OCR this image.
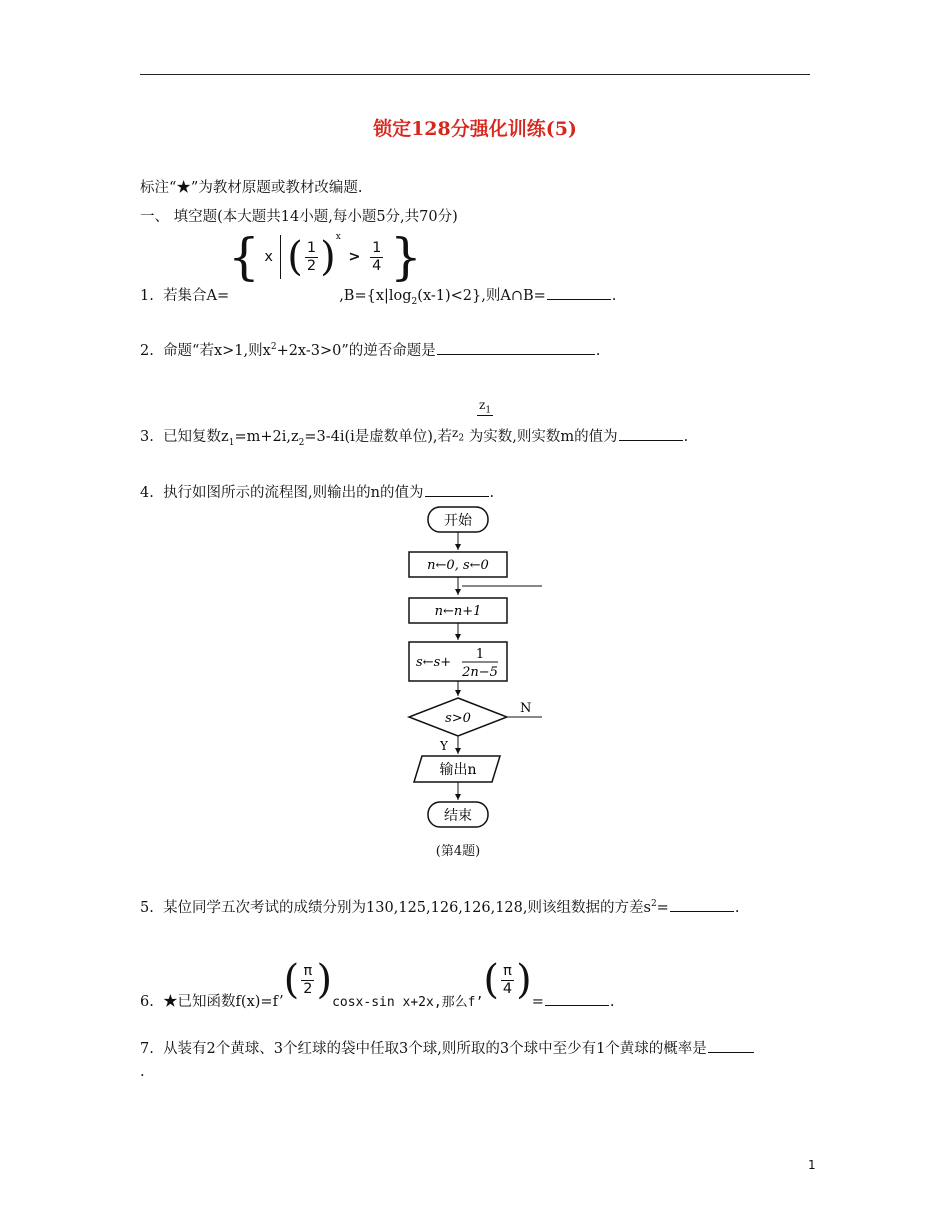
锁定128分强化训练(5)
标注“★”为教材原题或教材改编题.
一、 填空题(本大题共14小题,每小题5分,共70分)
{ x ( $\frac{1}{2} )^x > \frac{1}{4}$ }
1. 若集合A=	$,B=\{x|\log_2(x-1)<2\}$,则A∩B=	.
2. 命题“若x>1,则$x^2+2x-3>0$”的逆否命题是	.
$z_1$
3. 已知复数$z_1=m+2i,z_2=3-4i(i$是虚数单位),若$^{z_2}$ 为实数,则实数m的值为	.
4. 执行如图所示的流程图,则输出的n的值为	.
开始
n←0, s←0
n←n+1
s←s+
1
2n−5
s>0
N
Y
输出n
结束
(第4题)
5. 某位同学五次考试的成绩分别为130,125,126,126,128,则该组数据的方差$s^2=$	.
6. ★已知函数f(x)=f’( $\frac{\pi}{2} )\cos x-\sin$ x+2x,那么f’( $\frac{\pi}{4}$ )=	.
7. 从装有2个黄球、3个红球的袋中任取3个球,则所取的3个球中至少有1个黄球的概率是
.
1
